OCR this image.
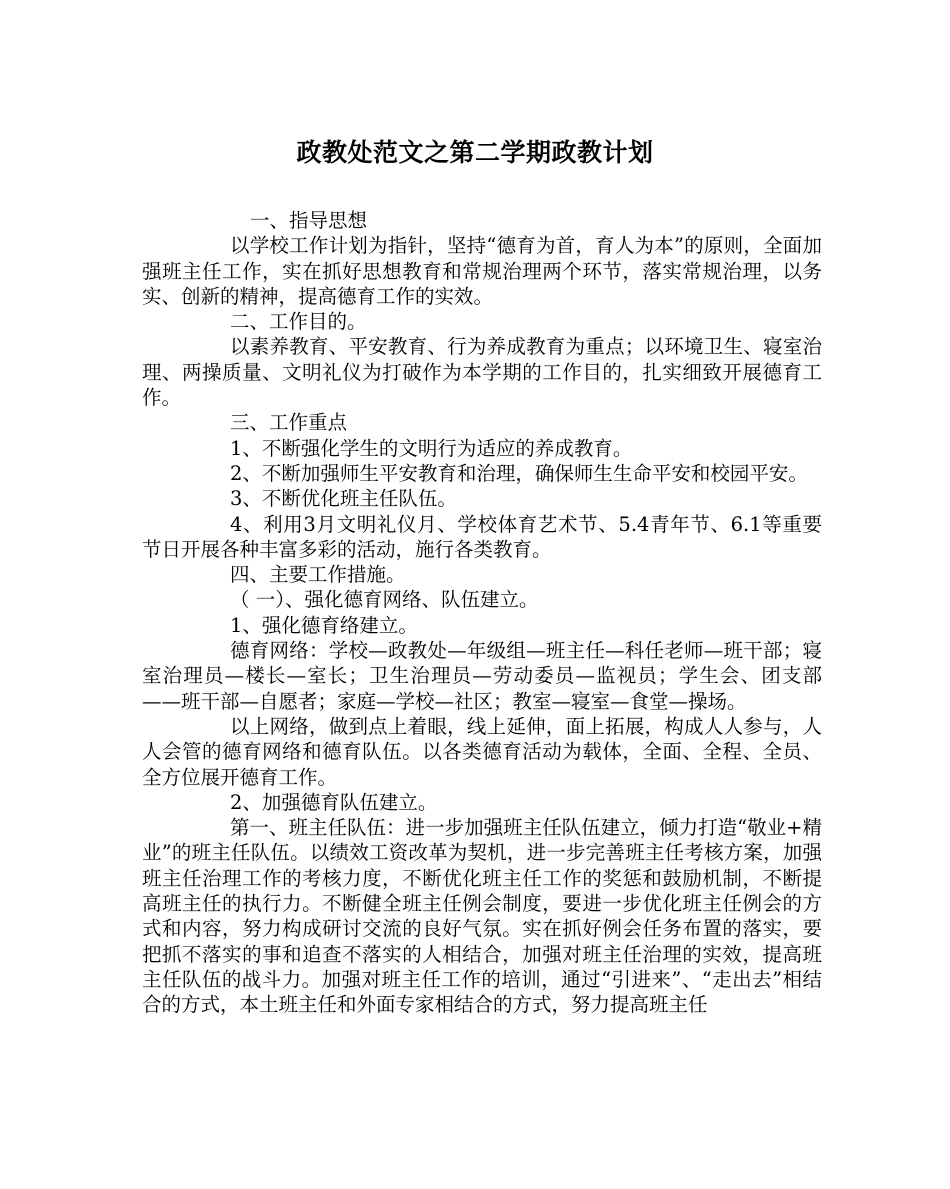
政教处范文之第二学期政教计划

一、指导思想

以学校工作计划为指针，坚持“德育为首，育人为本”的原则，全面加强班主任工作，实在抓好思想教育和常规治理两个环节，落实常规治理，以务实、创新的精神，提高德育工作的实效。

二、工作目的。

以素养教育、平安教育、行为养成教育为重点；以环境卫生、寝室治理、两操质量、文明礼仪为打破作为本学期的工作目的，扎实细致开展德育工作。

三、工作重点

1、不断强化学生的文明行为适应的养成教育。

2、不断加强师生平安教育和治理，确保师生生命平安和校园平安。

3、不断优化班主任队伍。

4、利用3月文明礼仪月、学校体育艺术节、5.4青年节、6.1等重要节日开展各种丰富多彩的活动，施行各类教育。

四、主要工作措施。

（ 一）、强化德育网络、队伍建立。

1、强化德育络建立。

德育网络：学校—政教处—年级组—班主任—科任老师—班干部；寝室治理员—楼长—室长；卫生治理员—劳动委员—监视员；学生会、团支部——班干部—自愿者；家庭—学校—社区；教室—寝室—食堂—操场。

以上网络，做到点上着眼，线上延伸，面上拓展，构成人人参与，人人会管的德育网络和德育队伍。以各类德育活动为载体，全面、全程、全员、全方位展开德育工作。

2、加强德育队伍建立。

第一、班主任队伍：进一步加强班主任队伍建立，倾力打造“敬业+精业”的班主任队伍。以绩效工资改革为契机，进一步完善班主任考核方案，加强班主任治理工作的考核力度，不断优化班主任工作的奖惩和鼓励机制，不断提高班主任的执行力。不断健全班主任例会制度，要进一步优化班主任例会的方式和内容，努力构成研讨交流的良好气氛。实在抓好例会任务布置的落实，要把抓不落实的事和追查不落实的人相结合，加强对班主任治理的实效，提高班主任队伍的战斗力。加强对班主任工作的培训，通过“引进来”、“走出去”相结合的方式，本土班主任和外面专家相结合的方式，努力提高班主任
